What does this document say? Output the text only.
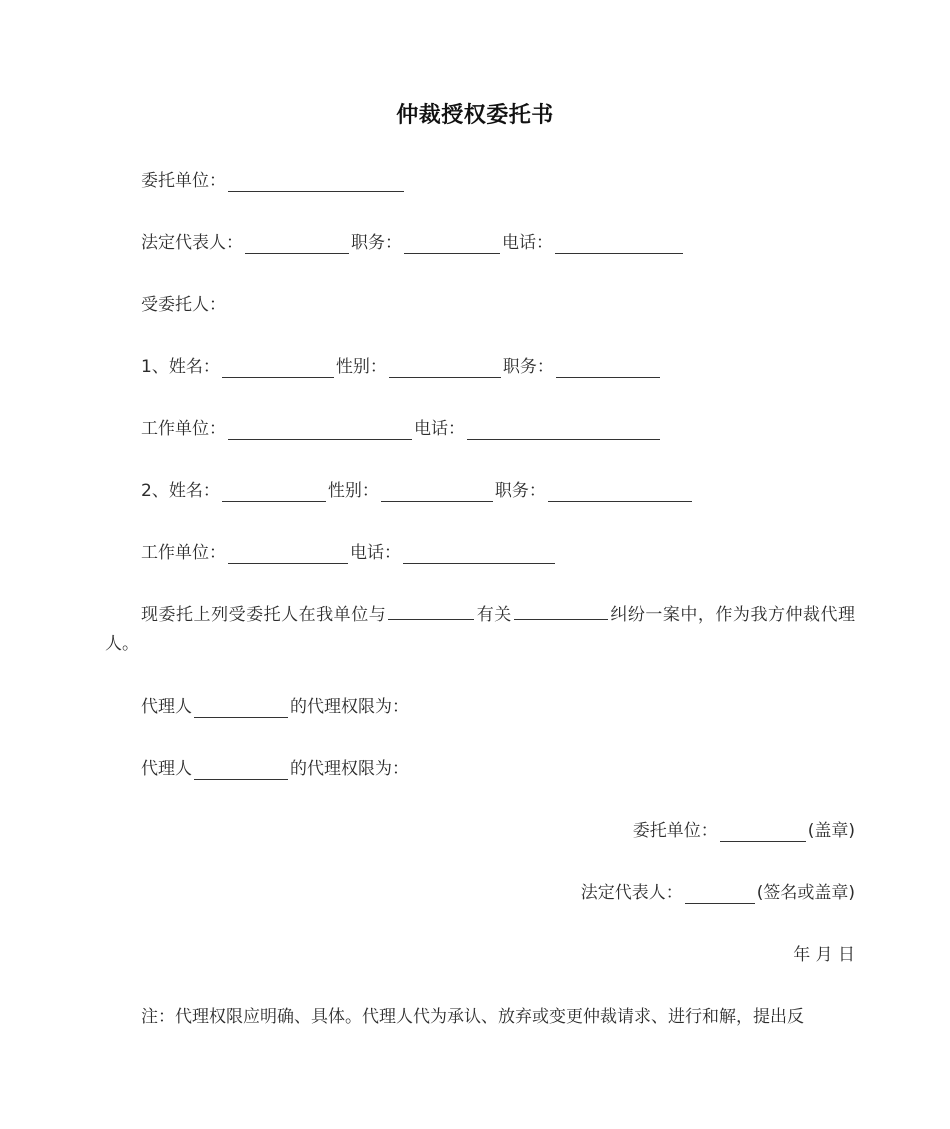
仲裁授权委托书
委托单位：
法定代表人：	职务：	电话：
受委托人：
1、姓名：	性别：	职务：
工作单位：	电话：
2、姓名：	性别：	职务：
工作单位：	电话：
现委托上列受委托人在我单位与	有关	纠纷一案中，作为我方仲裁代理人。
代理人	的代理权限为：
代理人	的代理权限为：
委托单位：	(盖章)
法定代表人：	(签名或盖章)
年 月 日
注：代理权限应明确、具体。代理人代为承认、放弃或变更仲裁请求、进行和解，提出反
